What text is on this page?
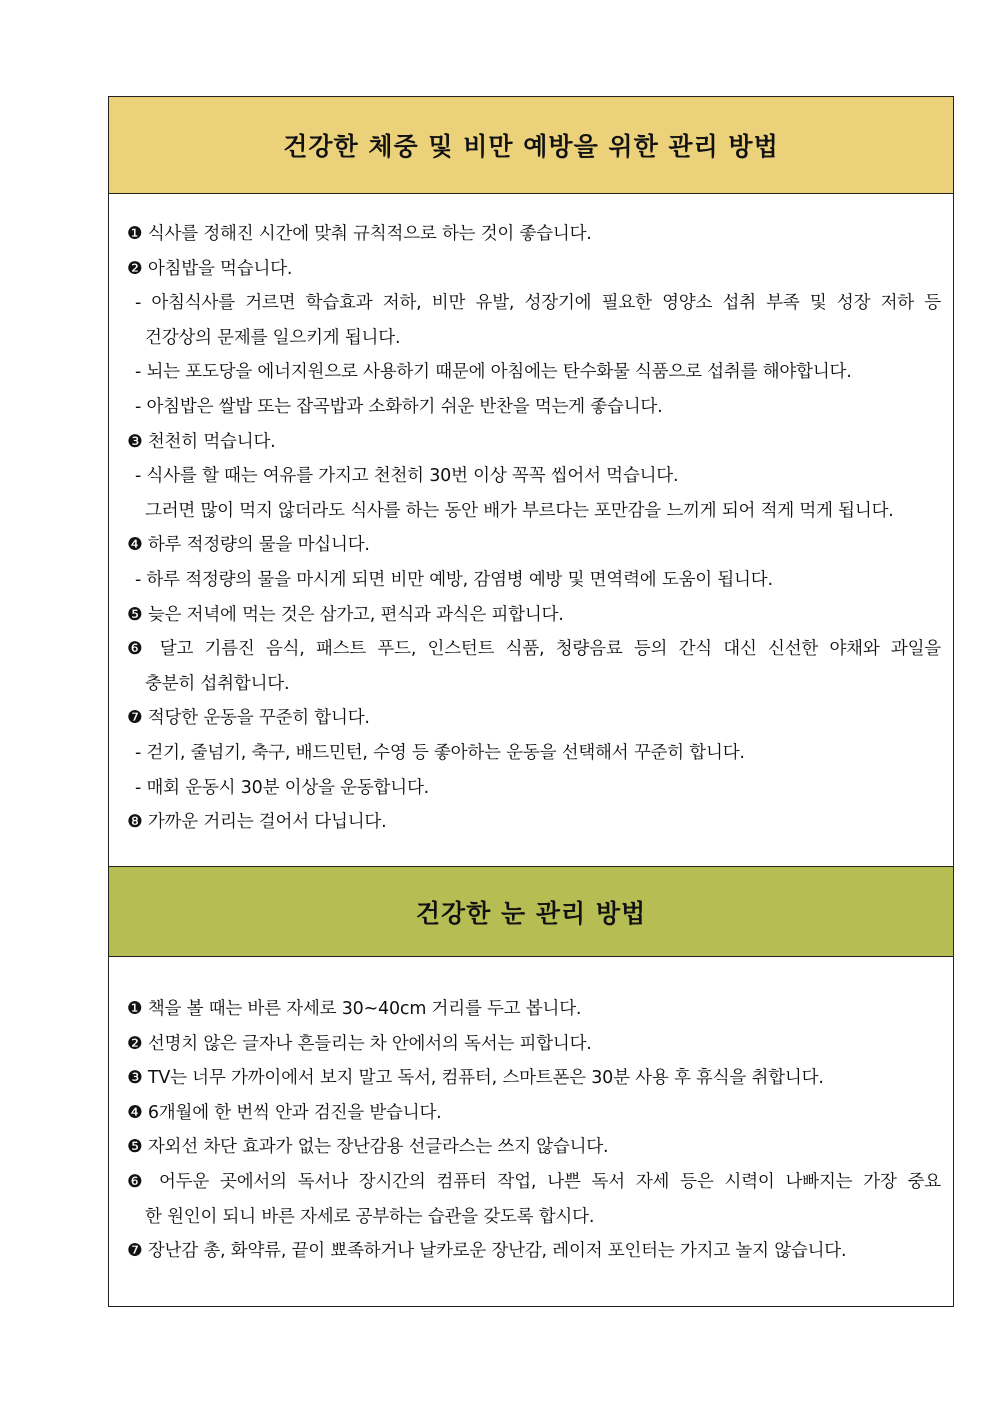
건강한 체중 및 비만 예방을 위한 관리 방법
❶ 식사를 정해진 시간에 맞춰 규칙적으로 하는 것이 좋습니다.
❷ 아침밥을 먹습니다.
- 아침식사를 거르면 학습효과 저하, 비만 유발, 성장기에 필요한 영양소 섭취 부족 및 성장 저하 등
건강상의 문제를 일으키게 됩니다.
- 뇌는 포도당을 에너지원으로 사용하기 때문에 아침에는 탄수화물 식품으로 섭취를 해야합니다.
- 아침밥은 쌀밥 또는 잡곡밥과 소화하기 쉬운 반찬을 먹는게 좋습니다.
❸ 천천히 먹습니다.
- 식사를 할 때는 여유를 가지고 천천히 30번 이상 꼭꼭 씹어서 먹습니다.
그러면 많이 먹지 않더라도 식사를 하는 동안 배가 부르다는 포만감을 느끼게 되어 적게 먹게 됩니다.
❹ 하루 적정량의 물을 마십니다.
- 하루 적정량의 물을 마시게 되면 비만 예방, 감염병 예방 및 면역력에 도움이 됩니다.
❺ 늦은 저녁에 먹는 것은 삼가고, 편식과 과식은 피합니다.
❻ 달고 기름진 음식, 패스트 푸드, 인스턴트 식품, 청량음료 등의 간식 대신 신선한 야채와 과일을
충분히 섭취합니다.
❼ 적당한 운동을 꾸준히 합니다.
- 걷기, 줄넘기, 축구, 배드민턴, 수영 등 좋아하는 운동을 선택해서 꾸준히 합니다.
- 매회 운동시 30분 이상을 운동합니다.
❽ 가까운 거리는 걸어서 다닙니다.
건강한 눈 관리 방법
❶ 책을 볼 때는 바른 자세로 30~40cm 거리를 두고 봅니다.
❷ 선명치 않은 글자나 흔들리는 차 안에서의 독서는 피합니다.
❸ TV는 너무 가까이에서 보지 말고 독서, 컴퓨터, 스마트폰은 30분 사용 후 휴식을 취합니다.
❹ 6개월에 한 번씩 안과 검진을 받습니다.
❺ 자외선 차단 효과가 없는 장난감용 선글라스는 쓰지 않습니다.
❻ 어두운 곳에서의 독서나 장시간의 컴퓨터 작업, 나쁜 독서 자세 등은 시력이 나빠지는 가장 중요
한 원인이 되니 바른 자세로 공부하는 습관을 갖도록 합시다.
❼ 장난감 총, 화약류, 끝이 뾰족하거나 날카로운 장난감, 레이저 포인터는 가지고 놀지 않습니다.
